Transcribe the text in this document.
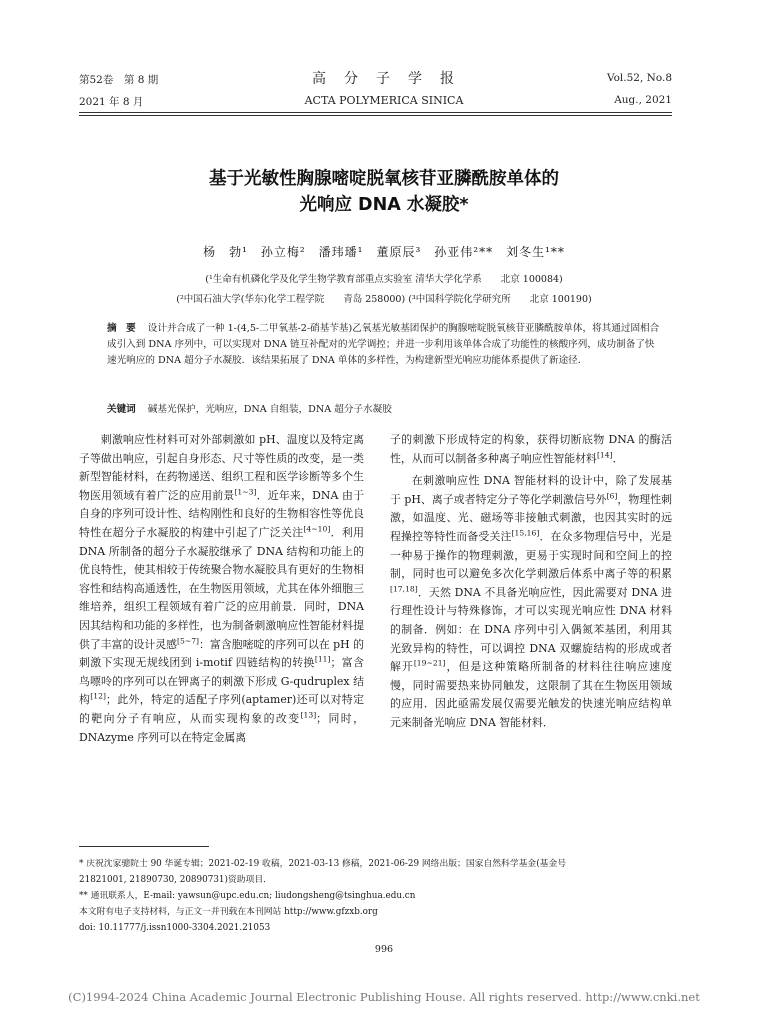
第52卷　第 8 期	高　分　子　学　报	Vol.52, No.8
2021 年 8 月	ACTA POLYMERICA SINICA	Aug., 2021
基于光敏性胸腺嘧啶脱氧核苷亚膦酰胺单体的
光响应 DNA 水凝胶*
杨　勃¹　孙立梅²　潘玮璠¹　董原辰³　孙亚伟²**　刘冬生¹**
(¹生命有机磷化学及化学生物学教育部重点实验室 清华大学化学系　　北京 100084)
(²中国石油大学(华东)化学工程学院　　青岛 258000) (³中国科学院化学研究所　　北京 100190)
摘　要 设计并合成了一种 1-(4,5-二甲氧基-2-硝基苄基)乙氧基光敏基团保护的胸腺嘧啶脱氧核苷亚膦酰胺单体，将其通过固相合成引入到 DNA 序列中，可以实现对 DNA 链互补配对的光学调控；并进一步利用该单体合成了功能性的核酸序列，成功制备了快速光响应的 DNA 超分子水凝胶．该结果拓展了 DNA 单体的多样性，为构建新型光响应功能体系提供了新途径．
关键词 碱基光保护，光响应，DNA 自组装，DNA 超分子水凝胶

刺激响应性材料可对外部刺激如 pH、温度以及特定离子等做出响应，引起自身形态、尺寸等性质的改变，是一类新型智能材料，在药物递送、组织工程和医学诊断等多个生物医用领域有着广泛的应用前景[1~3]．近年来，DNA 由于自身的序列可设计性、结构刚性和良好的生物相容性等优良特性在超分子水凝胶的构建中引起了广泛关注[4~10]．利用 DNA 所制备的超分子水凝胶继承了 DNA 结构和功能上的优良特性，使其相较于传统聚合物水凝胶具有更好的生物相容性和结构高通透性，在生物医用领域，尤其在体外细胞三维培养，组织工程领域有着广泛的应用前景．同时，DNA 因其结构和功能的多样性，也为制备刺激响应性智能材料提供了丰富的设计灵感[5~7]：富含胞嘧啶的序列可以在 pH 的刺激下实现无规线团到 i-motif 四链结构的转换[11]；富含鸟嘌呤的序列可以在钾离子的刺激下形成 G-qudruplex 结构[12]；此外，特定的适配子序列(aptamer)还可以对特定的靶向分子有响应，从而实现构象的改变[13]；同时，DNAzyme 序列可以在特定金属离

子的刺激下形成特定的构象，获得切断底物 DNA 的酶活性，从而可以制备多种离子响应性智能材料[14]．

在刺激响应性 DNA 智能材料的设计中，除了发展基于 pH、离子或者特定分子等化学刺激信号外[6]，物理性刺激，如温度、光、磁场等非接触式刺激，也因其实时的远程操控等特性而备受关注[15,16]．在众多物理信号中，光是一种易于操作的物理刺激，更易于实现时间和空间上的控制，同时也可以避免多次化学刺激后体系中离子等的积累[17,18]．天然 DNA 不具备光响应性，因此需要对 DNA 进行理性设计与特殊修饰，才可以实现光响应性 DNA 材料的制备．例如：在 DNA 序列中引入偶氮苯基团，利用其光致异构的特性，可以调控 DNA 双螺旋结构的形成或者解开[19~21]，但是这种策略所制备的材料往往响应速度慢，同时需要热来协同触发，这限制了其在生物医用领域的应用．因此亟需发展仅需要光触发的快速光响应结构单元来制备光响应 DNA 智能材料．

* 庆祝沈家骢院士 90 华诞专辑；2021-02-19 收稿，2021-03-13 修稿，2021-06-29 网络出版；国家自然科学基金(基金号
21821001, 21890730, 20890731)资助项目．
** 通讯联系人，E-mail: yawsun@upc.edu.cn; liudongsheng@tsinghua.edu.cn
本文附有电子支持材料，与正文一并刊载在本刊网站 http://www.gfzxb.org
doi: 10.11777/j.issn1000-3304.2021.21053
996
(C)1994-2024 China Academic Journal Electronic Publishing House. All rights reserved. http://www.cnki.net
